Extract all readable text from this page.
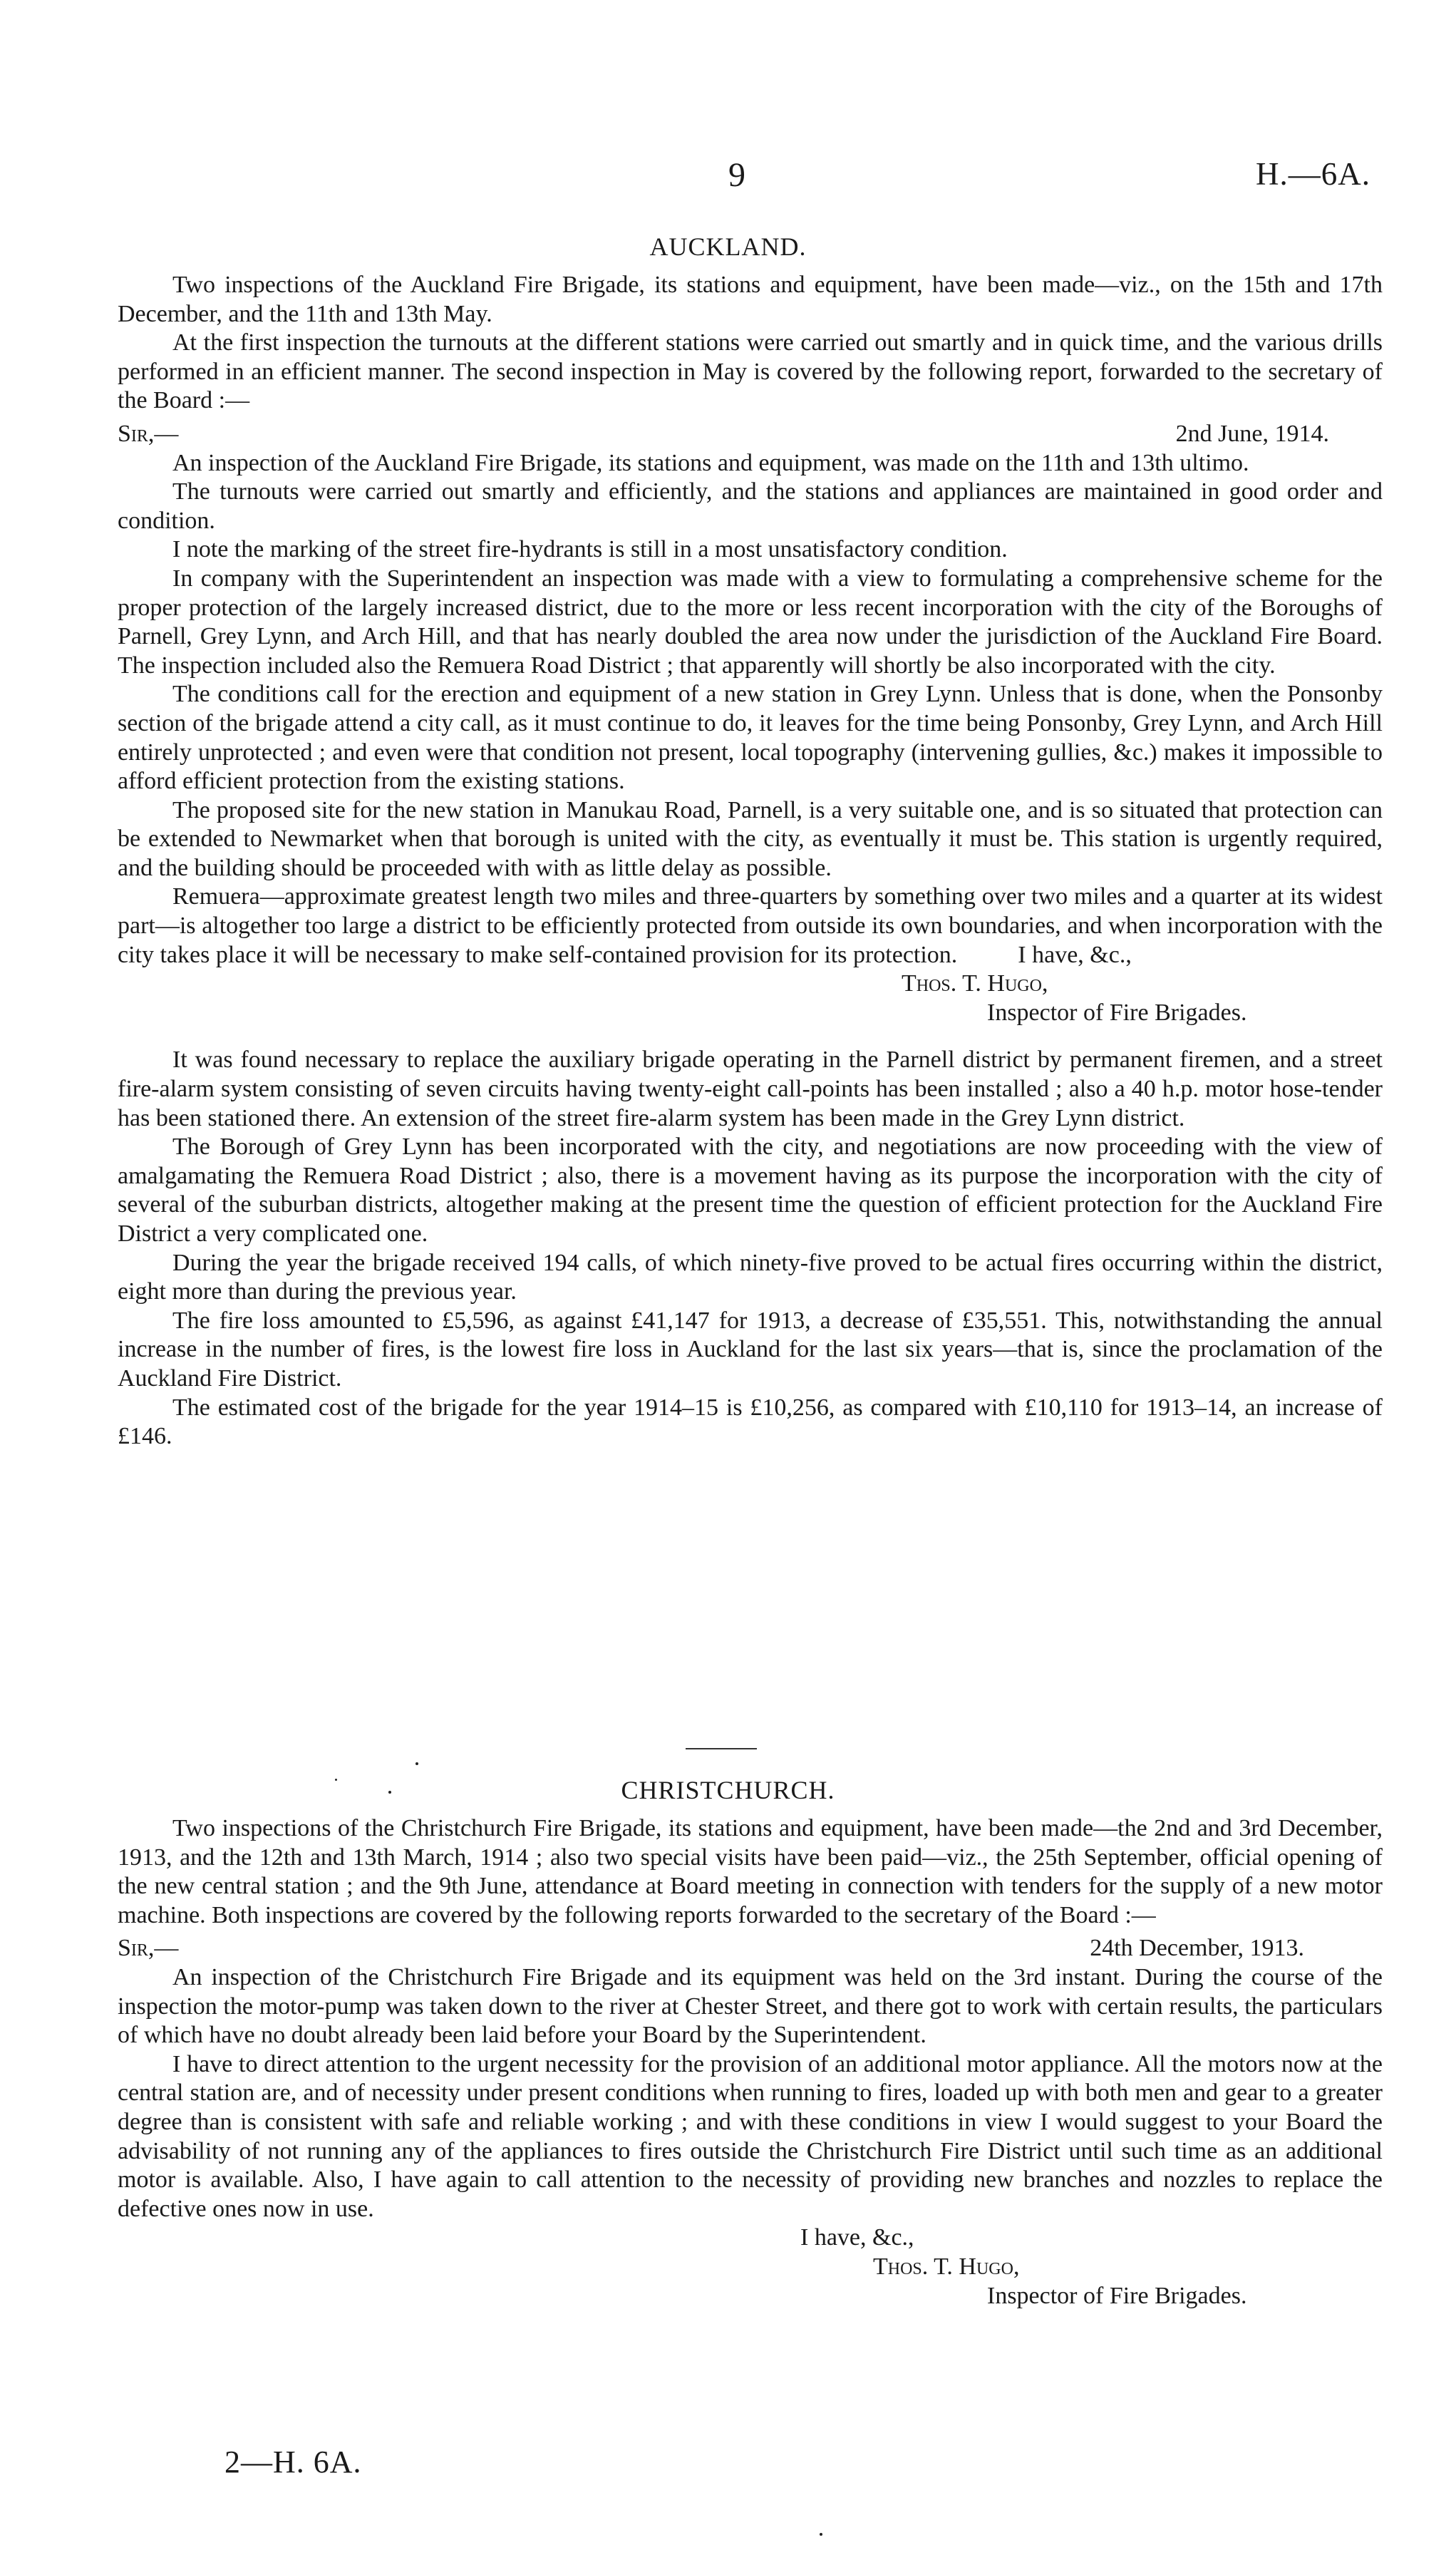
9	H.—6A.
AUCKLAND.

Two inspections of the Auckland Fire Brigade, its stations and equipment, have been made—viz., on the 15th and 17th December, and the 11th and 13th May.

At the first inspection the turnouts at the different stations were carried out smartly and in quick time, and the various drills performed in an efficient manner. The second inspection in May is covered by the following report, forwarded to the secretary of the Board :—

Sir,—	2nd June, 1914.

An inspection of the Auckland Fire Brigade, its stations and equipment, was made on the 11th and 13th ultimo.

The turnouts were carried out smartly and efficiently, and the stations and appliances are maintained in good order and condition.

I note the marking of the street fire-hydrants is still in a most unsatisfactory condition.

In company with the Superintendent an inspection was made with a view to formulating a comprehensive scheme for the proper protection of the largely increased district, due to the more or less recent incorporation with the city of the Boroughs of Parnell, Grey Lynn, and Arch Hill, and that has nearly doubled the area now under the jurisdiction of the Auckland Fire Board. The inspection included also the Remuera Road District ; that apparently will shortly be also incorporated with the city.

The conditions call for the erection and equipment of a new station in Grey Lynn. Unless that is done, when the Ponsonby section of the brigade attend a city call, as it must continue to do, it leaves for the time being Ponsonby, Grey Lynn, and Arch Hill entirely unprotected ; and even were that condition not present, local topography (intervening gullies, &c.) makes it impossible to afford efficient protection from the existing stations.

The proposed site for the new station in Manukau Road, Parnell, is a very suitable one, and is so situated that protection can be extended to Newmarket when that borough is united with the city, as eventually it must be. This station is urgently required, and the building should be proceeded with with as little delay as possible.

Remuera—approximate greatest length two miles and three-quarters by something over two miles and a quarter at its widest part—is altogether too large a district to be efficiently protected from outside its own boundaries, and when incorporation with the city takes place it will be necessary to make self-contained provision for its protection.	I have, &c.,

Thos. T. Hugo,
Inspector of Fire Brigades.

It was found necessary to replace the auxiliary brigade operating in the Parnell district by permanent firemen, and a street fire-alarm system consisting of seven circuits having twenty-eight call-points has been installed ; also a 40 h.p. motor hose-tender has been stationed there. An extension of the street fire-alarm system has been made in the Grey Lynn district.

The Borough of Grey Lynn has been incorporated with the city, and negotiations are now proceeding with the view of amalgamating the Remuera Road District ; also, there is a movement having as its purpose the incorporation with the city of several of the suburban districts, altogether making at the present time the question of efficient protection for the Auckland Fire District a very complicated one.

During the year the brigade received 194 calls, of which ninety-five proved to be actual fires occurring within the district, eight more than during the previous year.

The fire loss amounted to £5,596, as against £41,147 for 1913, a decrease of £35,551. This, notwithstanding the annual increase in the number of fires, is the lowest fire loss in Auckland for the last six years—that is, since the proclamation of the Auckland Fire District.

The estimated cost of the brigade for the year 1914–15 is £10,256, as compared with £10,110 for 1913–14, an increase of £146.

CHRISTCHURCH.

Two inspections of the Christchurch Fire Brigade, its stations and equipment, have been made—the 2nd and 3rd December, 1913, and the 12th and 13th March, 1914 ; also two special visits have been paid—viz., the 25th September, official opening of the new central station ; and the 9th June, attendance at Board meeting in connection with tenders for the supply of a new motor machine. Both inspections are covered by the following reports forwarded to the secretary of the Board :—

Sir,—	24th December, 1913.

An inspection of the Christchurch Fire Brigade and its equipment was held on the 3rd instant. During the course of the inspection the motor-pump was taken down to the river at Chester Street, and there got to work with certain results, the particulars of which have no doubt already been laid before your Board by the Superintendent.

I have to direct attention to the urgent necessity for the provision of an additional motor appliance. All the motors now at the central station are, and of necessity under present conditions when running to fires, loaded up with both men and gear to a greater degree than is consistent with safe and reliable working ; and with these conditions in view I would suggest to your Board the advisability of not running any of the appliances to fires outside the Christchurch Fire District until such time as an additional motor is available. Also, I have again to call attention to the necessity of providing new branches and nozzles to replace the defective ones now in use.

I have, &c.,
Thos. T. Hugo,
Inspector of Fire Brigades.
2—H. 6A.
